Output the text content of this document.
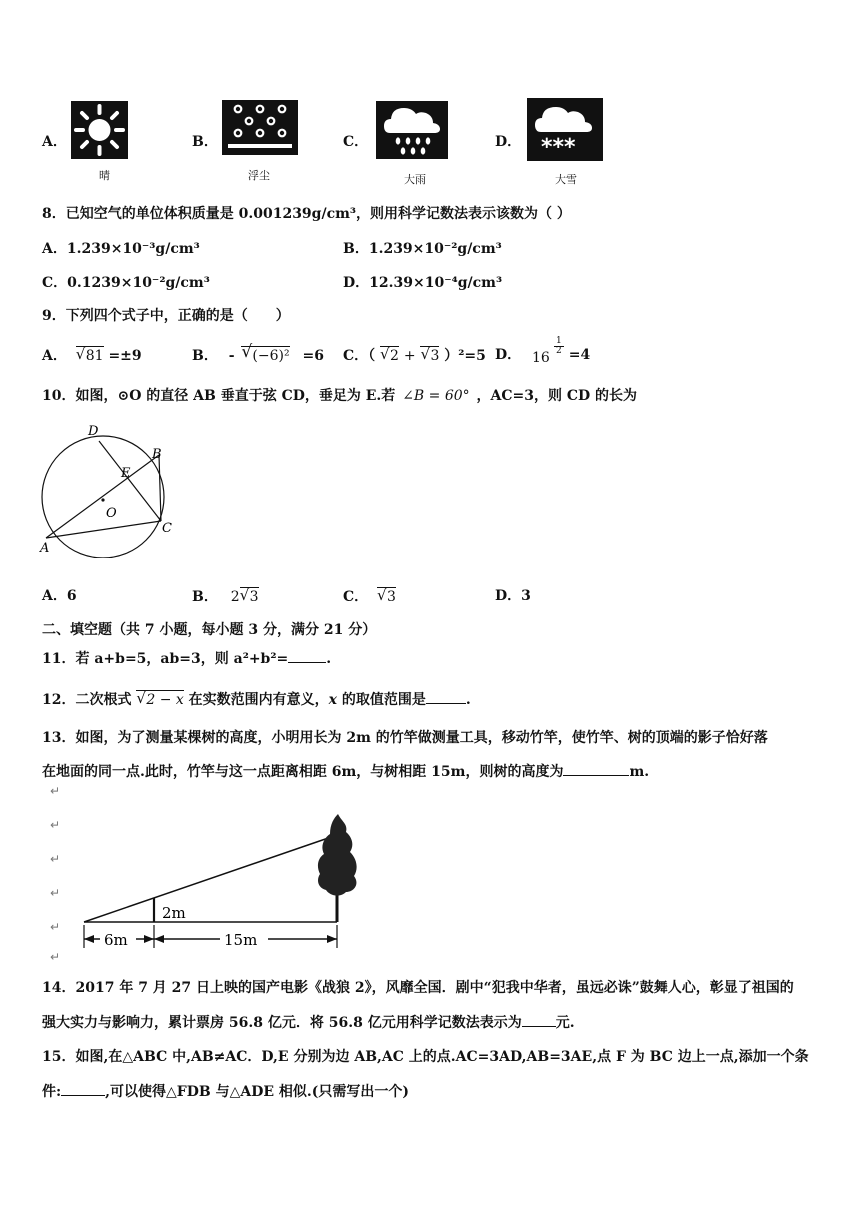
A．
晴
B．
浮尘
C．
大雨
D． ***
大雪
8．已知空气的单位体积质量是 0.001239g/cm³，则用科学记数法表示该数为（ ）
A．1.239×10⁻³g/cm³	B．1.239×10⁻²g/cm³
C．0.1239×10⁻²g/cm³	D．12.39×10⁻⁴g/cm³
9．下列四个式子中，正确的是（　　）
A． √ 81 =±9	B． - √ (−6)² =6 C．（ √ 2 + √ 3 ）²=5 D． 16
$\frac{1}{2} =4$
10．如图，⊙O 的直径 AB 垂直于弦 CD，垂足为 E.若 ∠B = 60° ，AC=3，则 CD 的长为
D
B
E
O
A
C
A．6	B． 2 √ 3	C． √ 3	D．3
二、填空题（共 7 小题，每小题 3 分，满分 21 分）
11．若 a+b=5，ab=3，则 a²+b²=	.
12．二次根式 √ 2 − x 在实数范围内有意义，x 的取值范围是	.
13．如图，为了测量某棵树的高度，小明用长为 2m 的竹竿做测量工具，移动竹竿，使竹竿、树的顶端的影子恰好落
在地面的同一点.此时，竹竿与这一点距离相距 6m，与树相距 15m，则树的高度为	m.
↵
↵
↵
↵
↵
↵
2m
6m	15m
14．2017 年 7 月 27 日上映的国产电影《战狼 2》，风靡全国．剧中“犯我中华者，虽远必诛”鼓舞人心，彰显了祖国的
强大实力与影响力，累计票房 56.8 亿元．将 56.8 亿元用科学记数法表示为 元.
15．如图,在△ABC 中,AB≠AC．D,E 分别为边 AB,AC 上的点.AC=3AD,AB=3AE,点 F 为 BC 边上一点,添加一个条
件:	,可以使得△FDB 与△ADE 相似.(只需写出一个)
